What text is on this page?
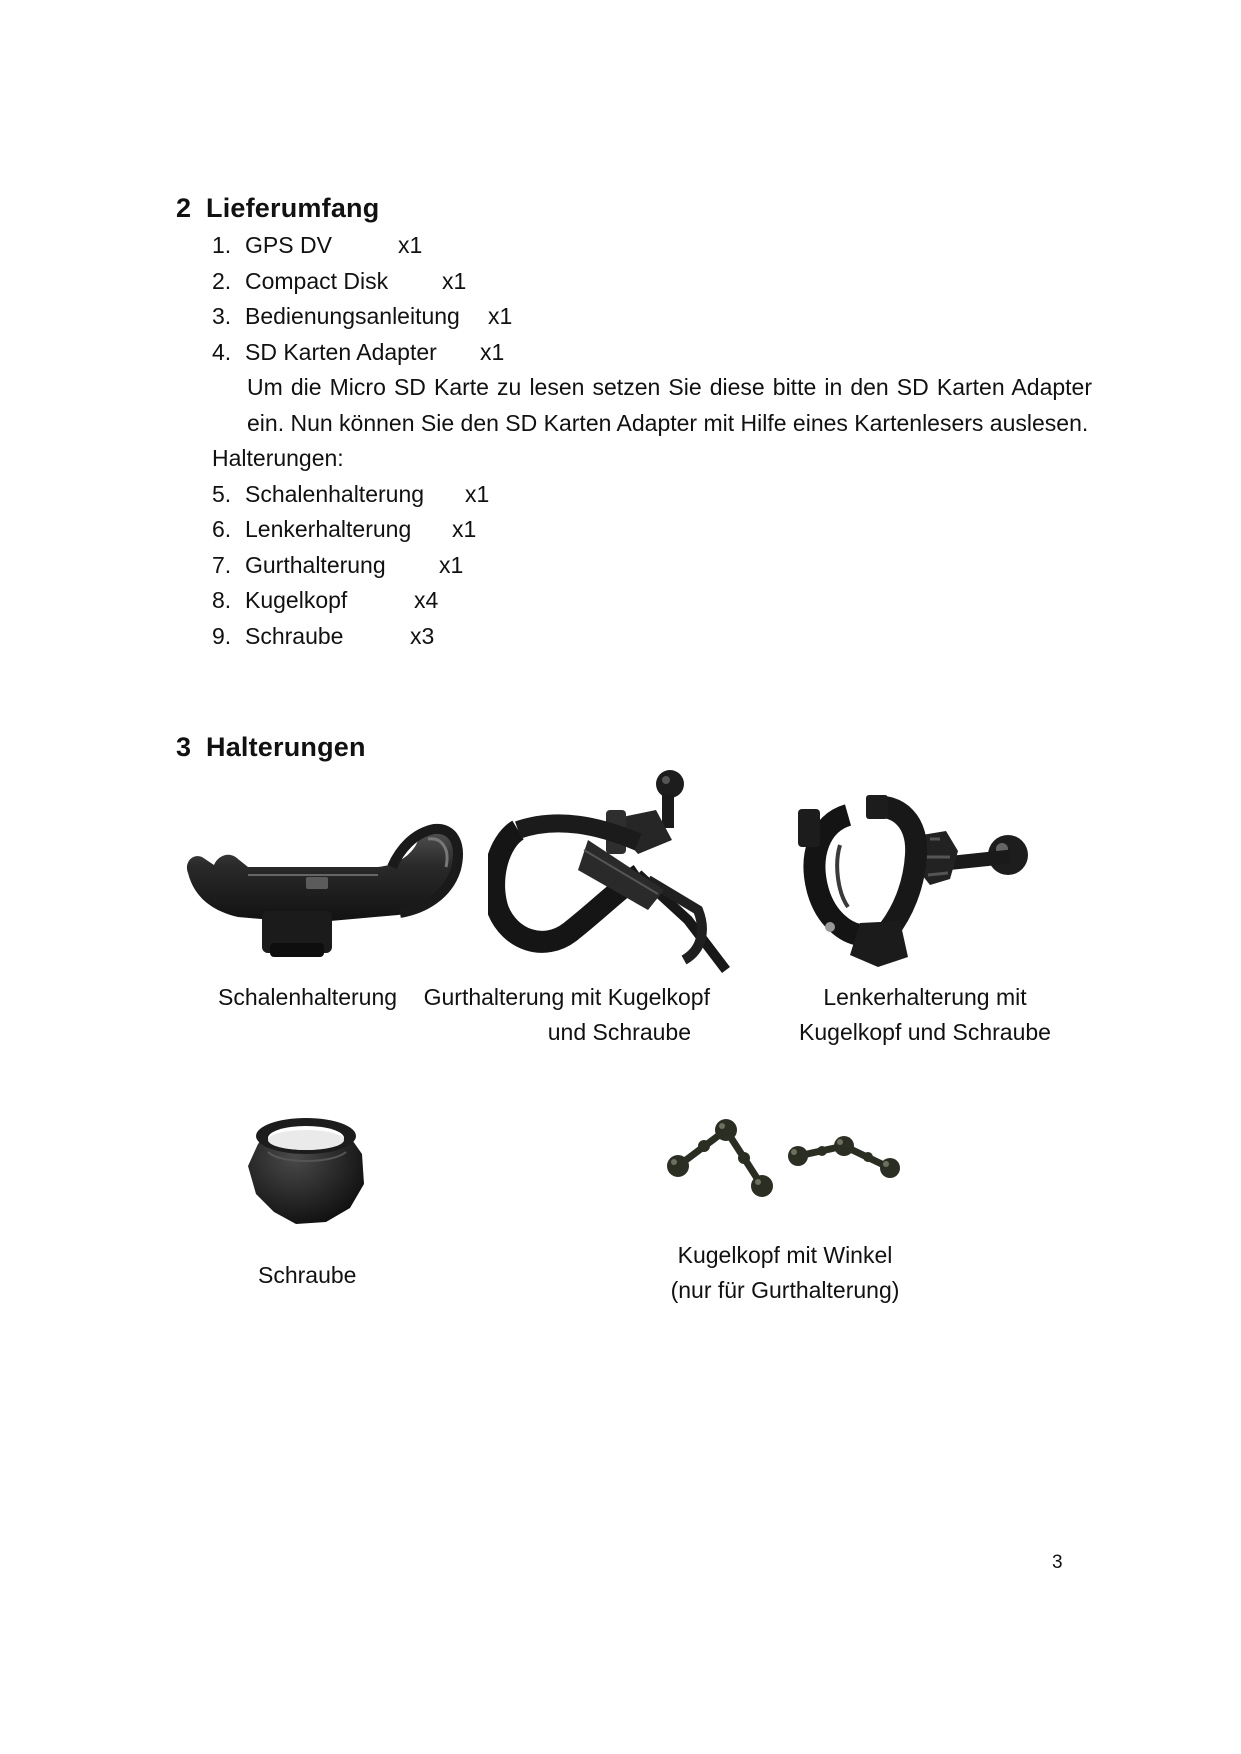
2 Lieferumfang
1. GPS DV	x1
2. Compact Disk x1
3. Bedienungsanleitung x1
4. SD Karten Adapter x1
Um die Micro SD Karte zu lesen setzen Sie diese bitte in den SD Karten Adapter ein. Nun können Sie den SD Karten Adapter mit Hilfe eines Kartenlesers auslesen.
Halterungen:
5. Schalenhalterung x1
6. Lenkerhalterung x1
7. Gurthalterung x1
8. Kugelkopf	x4
9. Schraube	x3
3 Halterungen
Schalenhalterung	Gurthalterung mit Kugelkopf
und Schraube
Lenkerhalterung mit
Kugelkopf und Schraube
Schraube
Kugelkopf mit Winkel
(nur für Gurthalterung)
3
